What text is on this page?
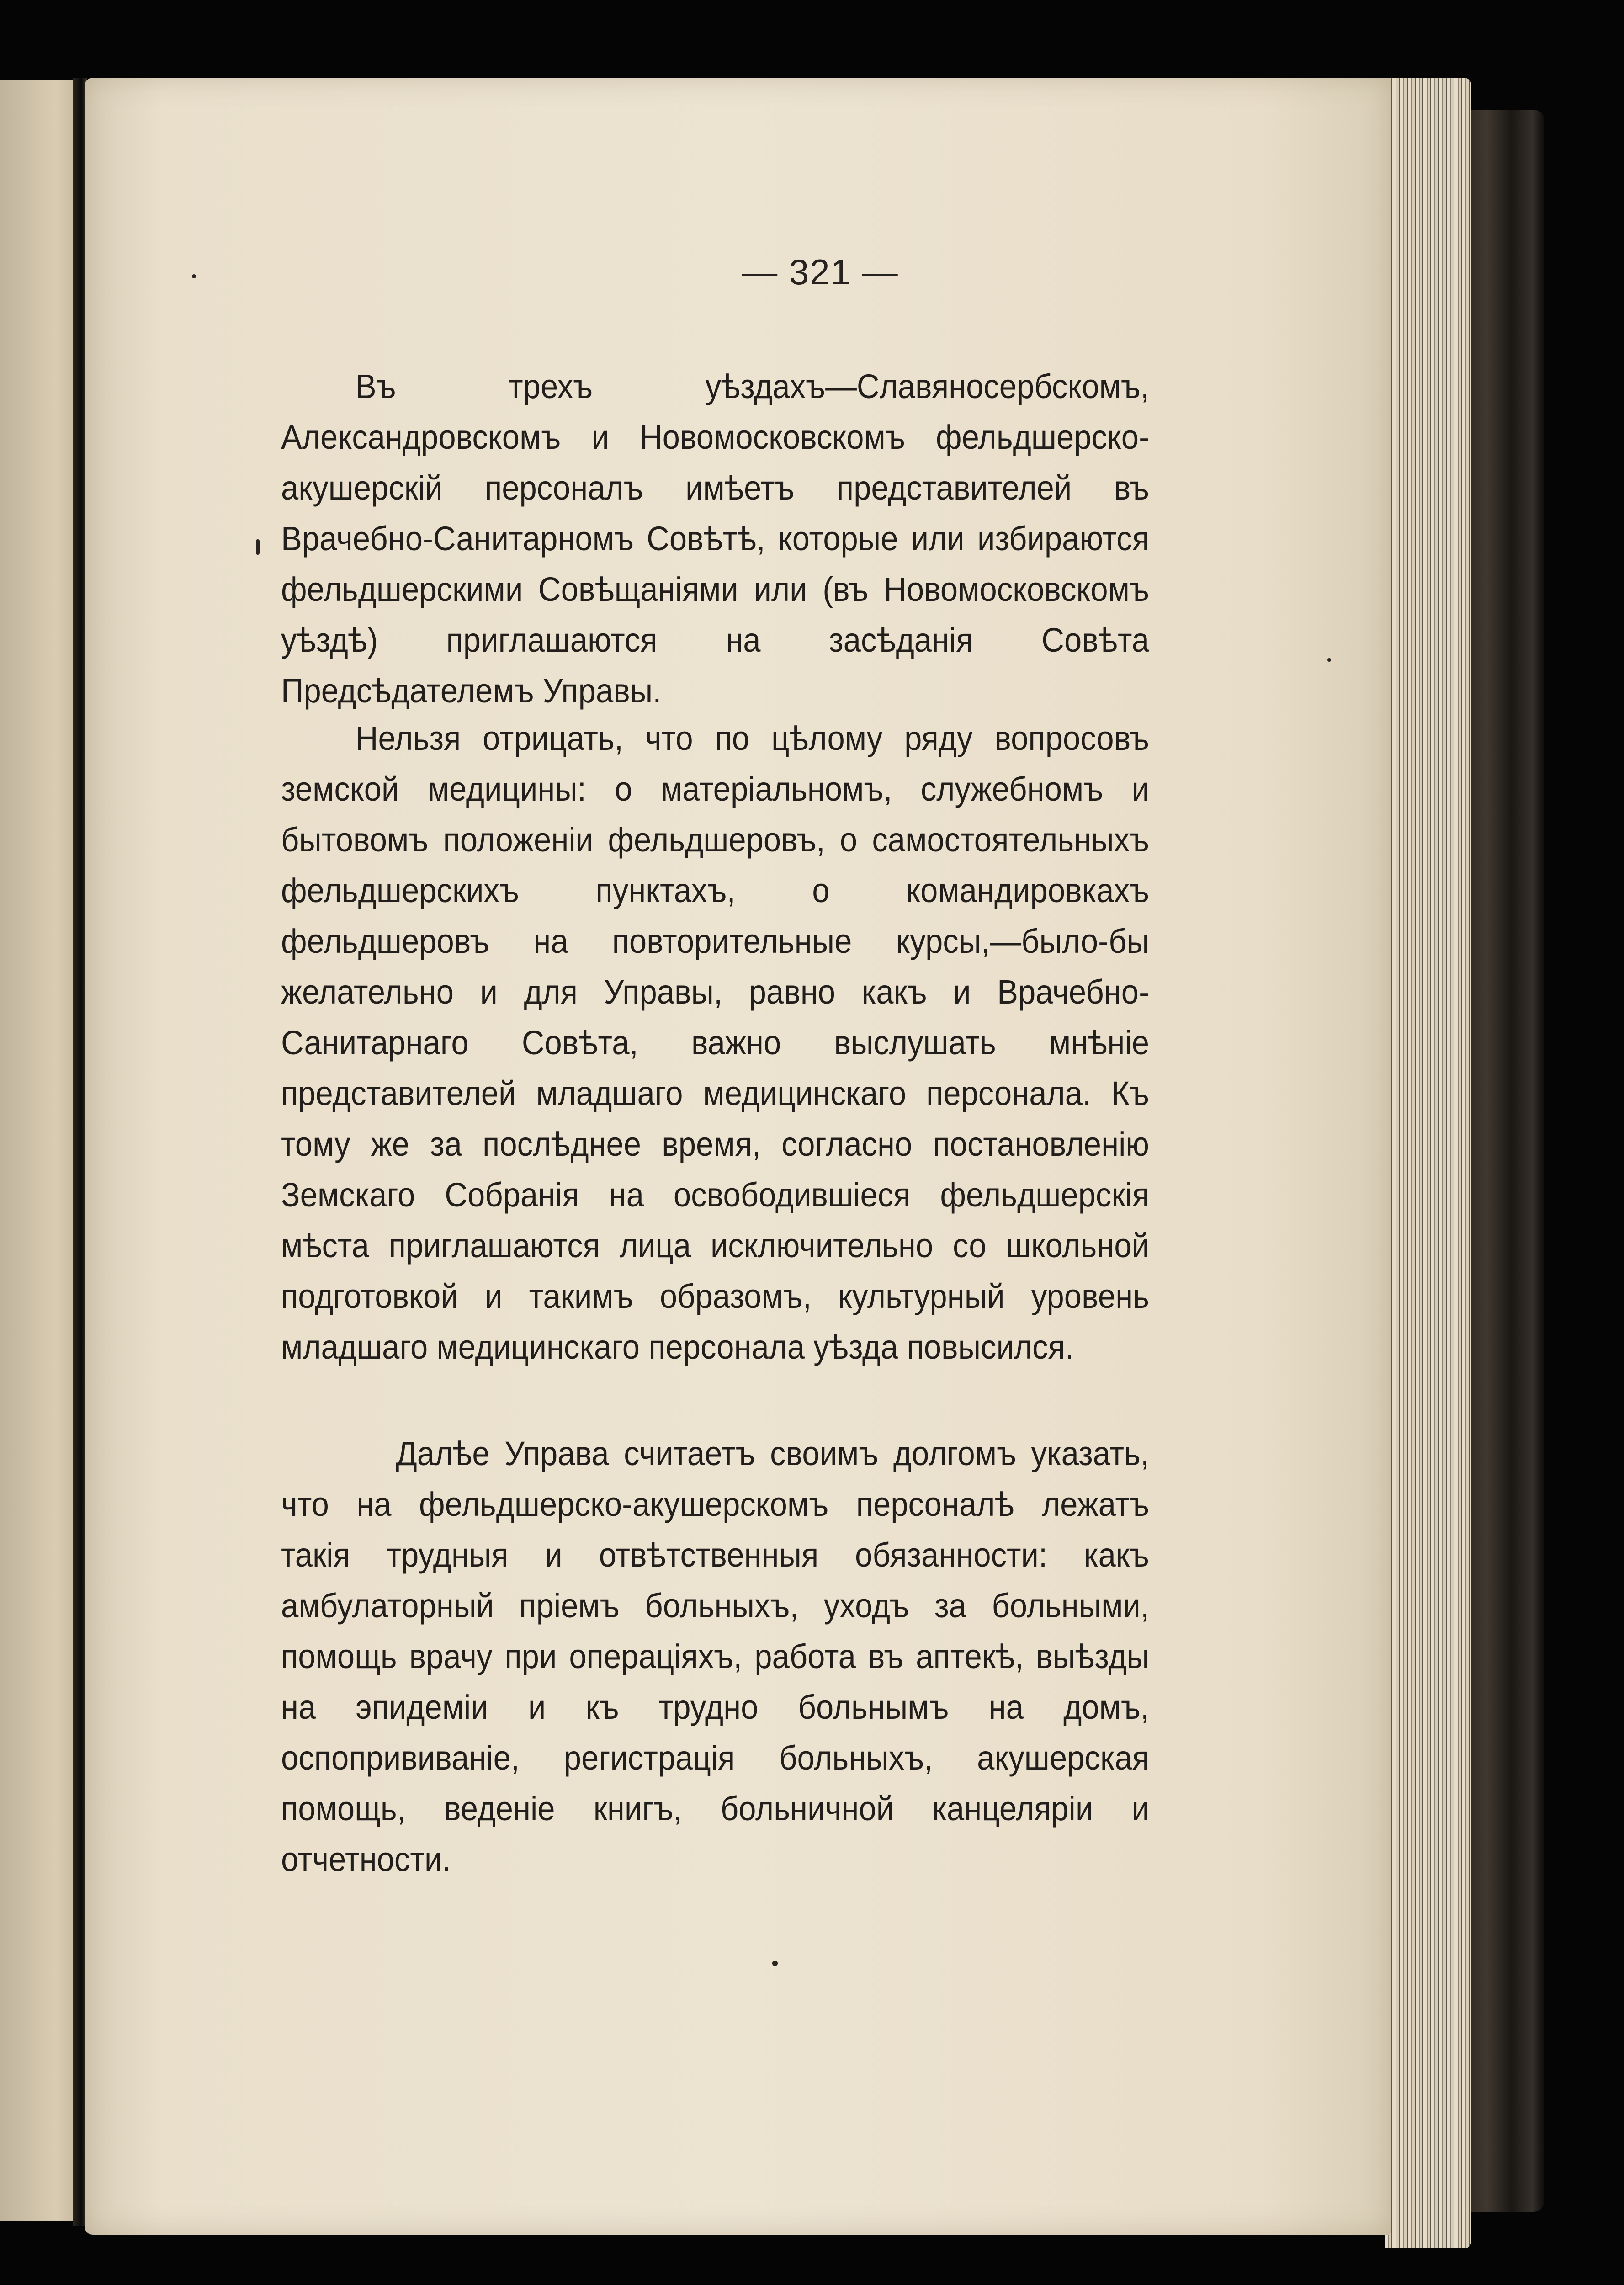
— 321 —

Въ трехъ уѣздахъ—Славяносербскомъ, Александровскомъ и Новомосковскомъ фельдшерско-акушерскій персоналъ имѣетъ представителей въ Врачебно-Санитарномъ Совѣтѣ, которые или избираются фельдшерскими Совѣщаніями или (въ Новомосковскомъ уѣздѣ) приглашаются на засѣданія Совѣта Предсѣдателемъ Управы.

Нельзя отрицать, что по цѣлому ряду вопросовъ земской медицины: о матеріальномъ, служебномъ и бытовомъ положеніи фельдшеровъ, о самостоятельныхъ фельдшерскихъ пунктахъ, о командировкахъ фельдшеровъ на повторительные курсы,—было-бы желательно и для Управы, равно какъ и Врачебно-Санитарнаго Совѣта, важно выслушать мнѣніе представителей младшаго медицинскаго персонала. Къ тому же за послѣднее время, согласно постановленію Земскаго Собранія на освободившіеся фельдшерскія мѣста приглашаются лица исключительно со школьной подготовкой и такимъ образомъ, культурный уровень младшаго медицинскаго персонала уѣзда повысился.

Далѣе Управа считаетъ своимъ долгомъ указать, что на фельдшерско-акушерскомъ персоналѣ лежатъ такія трудныя и отвѣтственныя обязанности: какъ амбулаторный пріемъ больныхъ, уходъ за больными, помощь врачу при операціяхъ, работа въ аптекѣ, выѣзды на эпидеміи и къ трудно больнымъ на домъ, оспопрививаніе, регистрація больныхъ, акушерская помощь, веденіе книгъ, больничной канцеляріи и отчетности.
